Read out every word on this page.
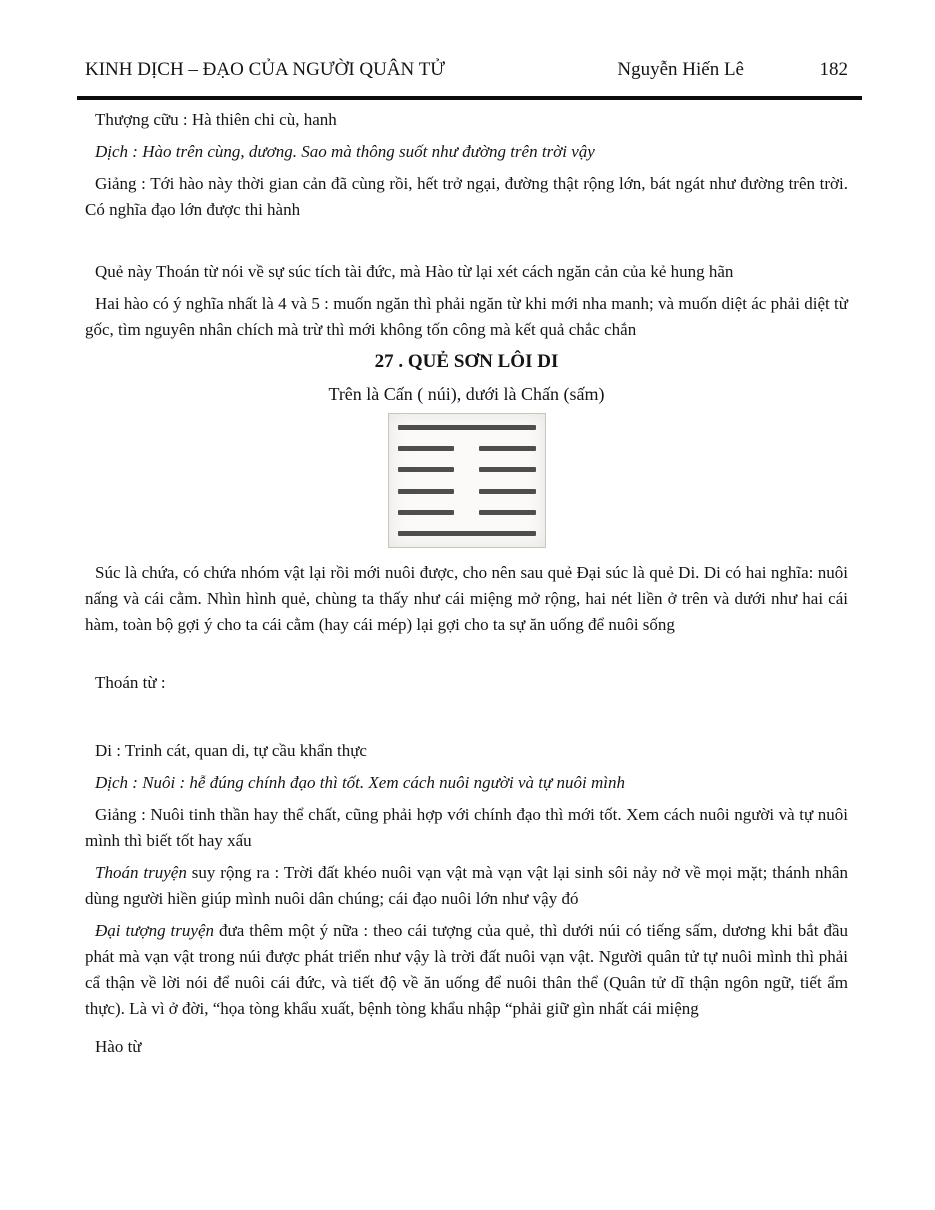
KINH DỊCH – ĐẠO CỦA NGƯỜI QUÂN TỬ	Nguyễn Hiến Lê	182

Thượng cữu : Hà thiên chi cù, hanh

Dịch : Hào trên cùng, dương. Sao mà thông suốt như đường trên trời vậy

Giảng : Tới hào này thời gian cản đã cùng rồi, hết trở ngại, đường thật rộng lớn, bát ngát như đường trên trời. Có nghĩa đạo lớn được thi hành

Quẻ này Thoán từ nói về sự súc tích tài đức, mà Hào từ lại xét cách ngăn cản của kẻ hung hãn

Hai hào có ý nghĩa nhất là 4 và 5 : muốn ngăn thì phải ngăn từ khi mới nha manh; và muốn diệt ác phải diệt từ gốc, tìm nguyên nhân chích mà trừ thì mới không tốn công mà kết quả chắc chắn

27 . QUẺ SƠN LÔI DI

Trên là Cấn ( núi), dưới là Chấn (sấm)

Súc là chứa, có chứa nhóm vật lại rồi mới nuôi được, cho nên sau quẻ Đại súc là quẻ Di. Di có hai nghĩa: nuôi nấng và cái cằm. Nhìn hình quẻ, chùng ta thấy như cái miệng mở rộng, hai nét liền ở trên và dưới như hai cái hàm, toàn bộ gợi ý cho ta cái cằm (hay cái mép) lại gợi cho ta sự ăn uống để nuôi sống

Thoán từ :

Di : Trinh cát, quan di, tự cầu khẩn thực

Dịch : Nuôi : hễ đúng chính đạo thì tốt. Xem cách nuôi người và tự nuôi mình

Giảng : Nuôi tinh thần hay thể chất, cũng phải hợp với chính đạo thì mới tốt. Xem cách nuôi người và tự nuôi mình thì biết tốt hay xấu

Thoán truyện suy rộng ra : Trời đất khéo nuôi vạn vật mà vạn vật lại sinh sôi nảy nở về mọi mặt; thánh nhân dùng người hiền giúp mình nuôi dân chúng; cái đạo nuôi lớn như vậy đó

Đại tượng truyện đưa thêm một ý nữa : theo cái tượng của quẻ, thì dưới núi có tiếng sấm, dương khi bắt đầu phát mà vạn vật trong núi được phát triển như vậy là trời đất nuôi vạn vật. Người quân tử tự nuôi mình thì phải cẩ thận về lời nói để nuôi cái đức, và tiết độ về ăn uống để nuôi thân thể (Quân tử dĩ thận ngôn ngữ, tiết ẩm thực). Là vì ở đời, “họa tòng khẩu xuất, bệnh tòng khẩu nhập “phải giữ gìn nhất cái miệng

Hào từ
